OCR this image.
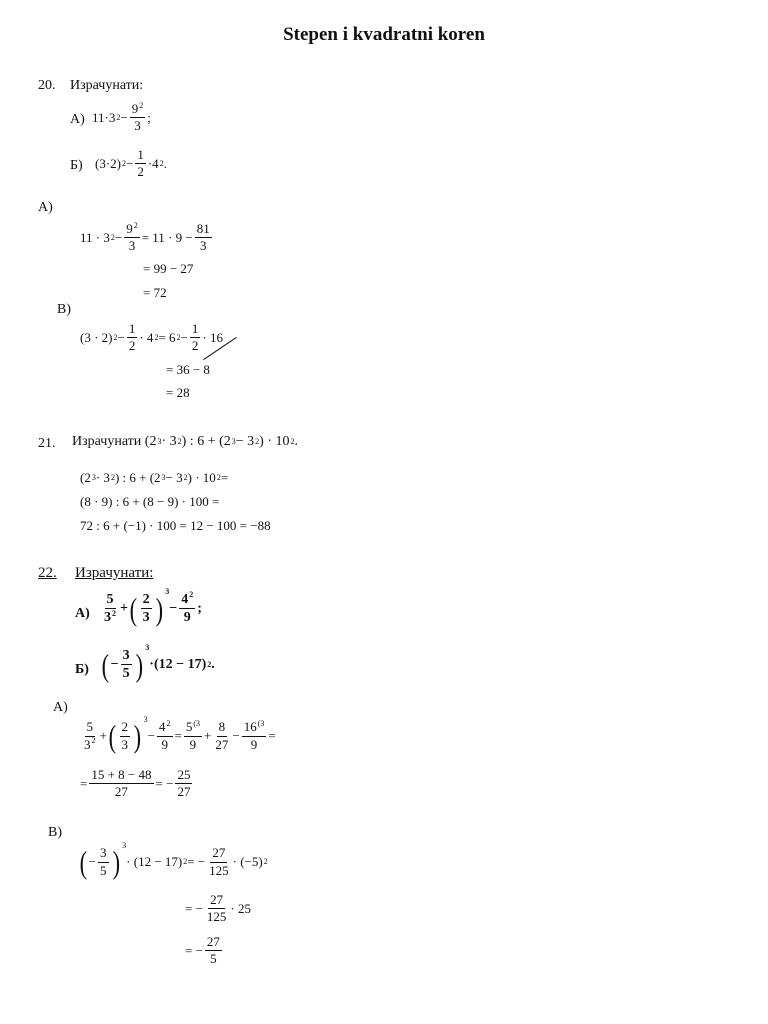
Stepen i kvadratni koren
20. Израчунати:
А) 11·3 $2 - \frac{9^2}{3}$ ;
Б) (3·2) $2 - \frac{1}{2} \cdot 4$ 2 .
A)
11 · 3 $2 - \frac{9^2}{3} = 11 \cdot 9 - \frac{81}{3}$
= 99 − 27
= 72
B)
(3 · 2) $2 - \frac{1}{2} \cdot 4$ 2 = 6 $2 - \frac{1}{2} \cdot 16$
= 36 − 8
= 28
21. Израчунати
(2 3 · 3 2 ) : 6 + (2 3 − 3 2 ) · 10 2 .
(2 3 · 3 2 ) : 6 + (2 3 − 3 2 ) · 10 2 =
(8 · 9) : 6 + (8 − 9) · 100 =
72 : 6 + (−1) · 100 = 12 − 100 = −88
22. Израчунати:
$А) \frac{5}{3^2}$ + ( $\frac{2}{3}$ ) 3
− $\frac{4^2}{9}$ ;
Б) ( − $\frac{3}{5}$ ) 3
·(12 − 17) 2 .
A)
$\frac{5}{3^2}$ + ( $\frac{2}{3}$ ) 3
− $\frac{4^2}{9} = \frac{5^{(3}}{9} + \frac{8}{27} - \frac{16^{(3}}{9}$ =
= $\frac{15 + 8 - 48}{27}$ = − $\frac{25}{27}$
B)
( − $\frac{3}{5}$ ) 3
· (12 − 17) 2 = − $\frac{27}{125} \cdot (-5)$ 2
= − $\frac{27}{125} \cdot 25$
= − $\frac{27}{5}$
